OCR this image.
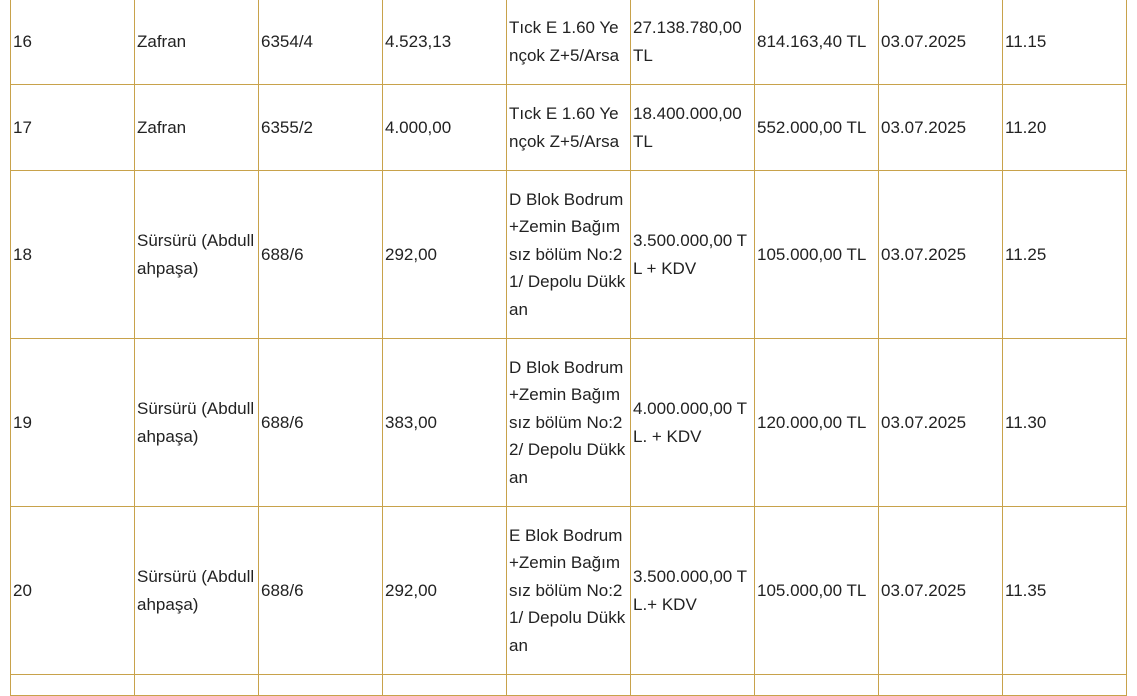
16	Zafran	6354/4	4.523,13	Tıck E 1.60 Yençok Z+5/Arsa	27.138.780,00 TL	814.163,40 TL	03.07.2025	11.15
17	Zafran	6355/2	4.000,00	Tıck E 1.60 Yençok Z+5/Arsa	18.400.000,00 TL	552.000,00 TL	03.07.2025	11.20
18	Sürsürü (Abdullahpaşa)	688/6	292,00	D Blok Bodrum+Zemin Bağımsız bölüm No:21/ Depolu Dükkan	3.500.000,00 TL + KDV	105.000,00 TL	03.07.2025	11.25
19	Sürsürü (Abdullahpaşa)	688/6	383,00	D Blok Bodrum+Zemin Bağımsız bölüm No:22/ Depolu Dükkan	4.000.000,00 TL. + KDV	120.000,00 TL	03.07.2025	11.30
20	Sürsürü (Abdullahpaşa)	688/6	292,00	E Blok Bodrum+Zemin Bağımsız bölüm No:21/ Depolu Dükkan	3.500.000,00 TL.+ KDV	105.000,00 TL	03.07.2025	11.35
